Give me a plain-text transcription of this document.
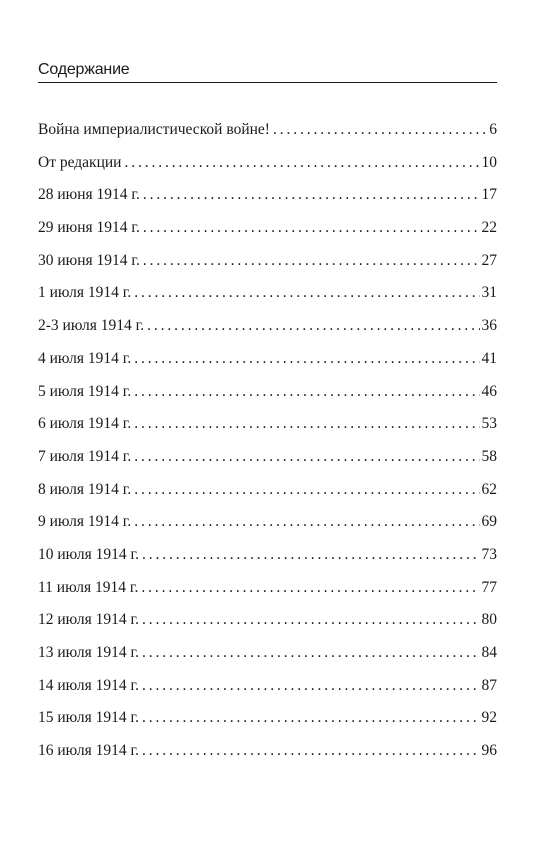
Содержание
Война империалистической войне! . . .	6
От редакции . . .	10
28 июня 1914 г. . . .	17
29 июня 1914 г. . . .	22
30 июня 1914 г. . . .	27
1 июля 1914 г. . . .	31
2-3 июля 1914 г. . . .	36
4 июля 1914 г. . . .	41
5 июля 1914 г. . . .	46
6 июля 1914 г. . . .	53
7 июля 1914 г. . . .	58
8 июля 1914 г. . . .	62
9 июля 1914 г. . . .	69
10 июля 1914 г. . . .	73
11 июля 1914 г. . . .	77
12 июля 1914 г. . . .	80
13 июля 1914 г. . . .	84
14 июля 1914 г. . . .	87
15 июля 1914 г. . . .	92
16 июля 1914 г. . . .	96
